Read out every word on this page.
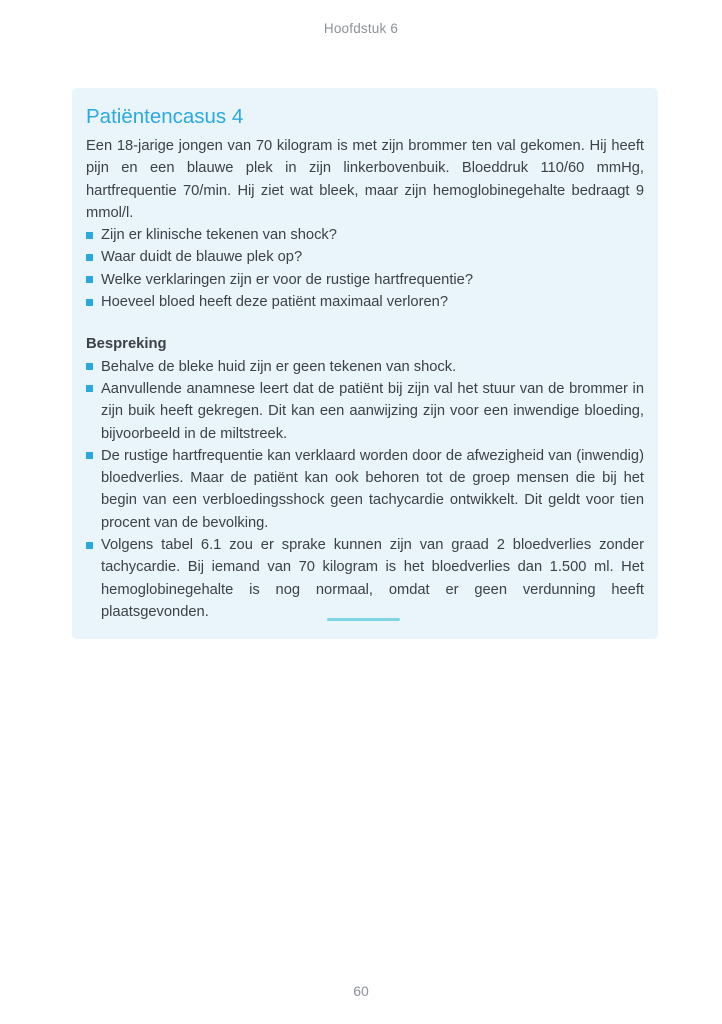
Hoofdstuk 6
Patiëntencasus 4

Een 18-jarige jongen van 70 kilogram is met zijn brommer ten val gekomen. Hij heeft pijn en een blauwe plek in zijn linkerbovenbuik. Bloeddruk 110/60 mmHg, hartfrequentie 70/min. Hij ziet wat bleek, maar zijn hemoglobinegehalte bedraagt 9 mmol/l.

Zijn er klinische tekenen van shock?
Waar duidt de blauwe plek op?
Welke verklaringen zijn er voor de rustige hartfrequentie?
Hoeveel bloed heeft deze patiënt maximaal verloren?
Bespreking
Behalve de bleke huid zijn er geen tekenen van shock.
Aanvullende anamnese leert dat de patiënt bij zijn val het stuur van de brommer in zijn buik heeft gekregen. Dit kan een aanwijzing zijn voor een inwendige bloeding, bijvoorbeeld in de miltstreek.
De rustige hartfrequentie kan verklaard worden door de afwezigheid van (inwendig) bloedverlies. Maar de patiënt kan ook behoren tot de groep mensen die bij het begin van een verbloedingsshock geen tachycardie ontwikkelt. Dit geldt voor tien procent van de bevolking.
Volgens tabel 6.1 zou er sprake kunnen zijn van graad 2 bloedverlies zonder tachycardie. Bij iemand van 70 kilogram is het bloedverlies dan 1.500 ml. Het hemoglobinegehalte is nog normaal, omdat er geen verdunning heeft plaatsgevonden.
60
